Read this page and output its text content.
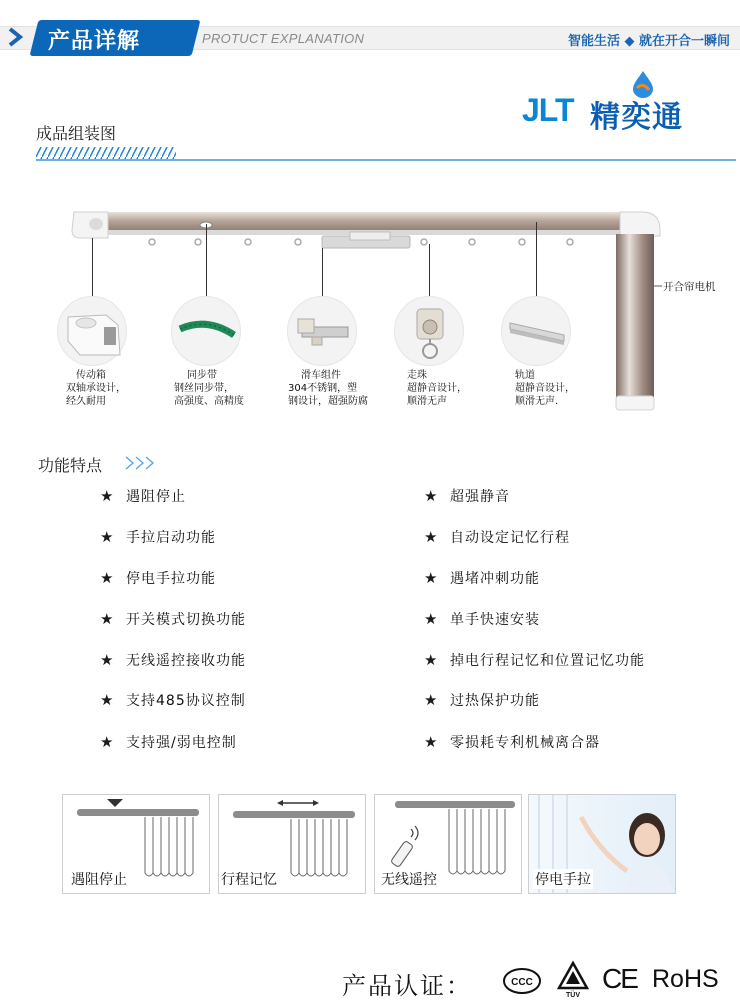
产品详解	PROTUCT EXPLANATION	智能生活 ◆ 就在开合一瞬间
JLT 精奕通
成品组装图
传动箱
双轴承设计，
经久耐用
同步带
钢丝同步带，
高强度、高精度
滑车组件
304不锈钢，塑
钢设计，超强防腐
走珠
超静音设计，
顺滑无声
轨道
超静音设计，
顺滑无声.
开合帘电机
功能特点
★ 遇阻停止
★ 手拉启动功能
★ 停电手拉功能
★ 开关模式切换功能
★ 无线遥控接收功能
★ 支持485协议控制
★ 支持强/弱电控制
★ 超强静音
★ 自动设定记忆行程
★ 遇堵冲刺功能
★ 单手快速安装
★ 掉电行程记忆和位置记忆功能
★ 过热保护功能
★ 零损耗专利机械离合器
遇阻停止	行程记忆	无线遥控	停电手拉
产品认证：	CCC
TÜV
CE RoHS
